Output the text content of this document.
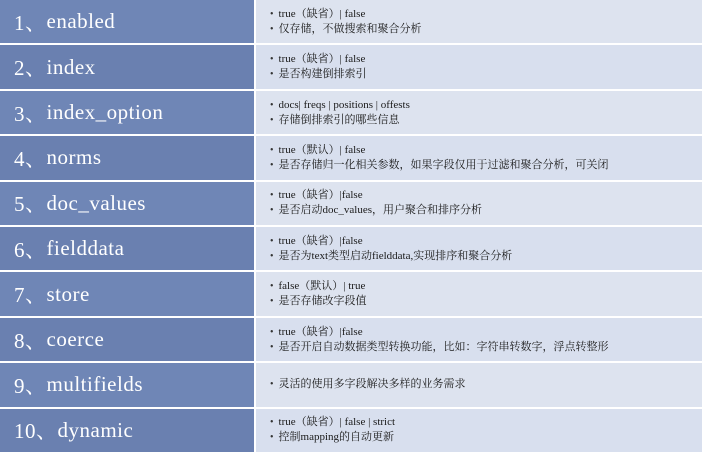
1、 enabled	• true（缺省）| false
• 仅存储，不做搜索和聚合分析
2、 index	• true（缺省）| false
• 是否构建倒排索引
3、 index_option	• docs| freqs | positions | offests
• 存储倒排索引的哪些信息
4、 norms	• true（默认）| false
• 是否存储归一化相关参数，如果字段仅用于过滤和聚合分析，可关闭
5、 doc_values	• true（缺省）|false
• 是否启动doc_values，用户聚合和排序分析
6、 fielddata	• true（缺省）|false
• 是否为text类型启动fielddata,实现排序和聚合分析
7、 store	• false（默认）| true
• 是否存储改字段值
8、 coerce	• true（缺省）|false
• 是否开启自动数据类型转换功能，比如：字符串转数字，浮点转整形
9、 multifields	• 灵活的使用多字段解决多样的业务需求
10、 dynamic	• true（缺省）| false | strict
• 控制mapping的自动更新
